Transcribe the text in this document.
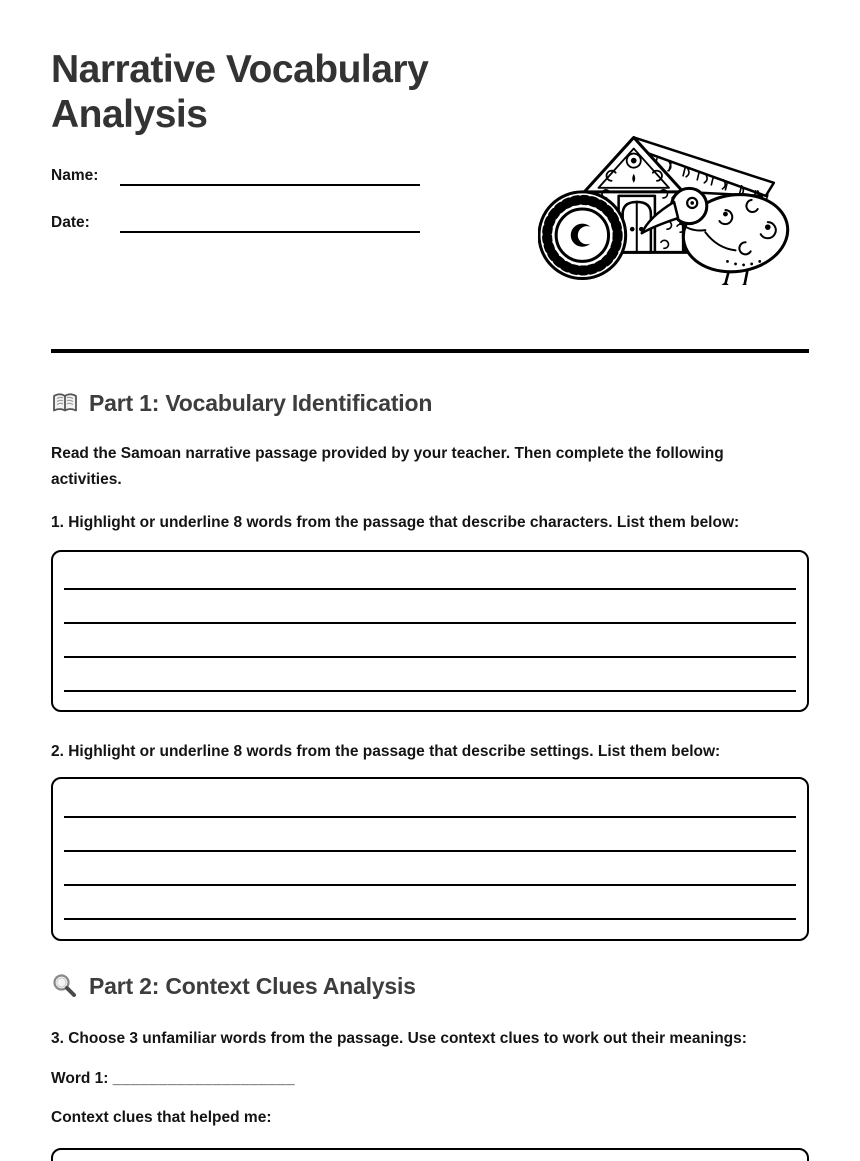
Narrative Vocabulary Analysis
Name:
Date:
Part 1: Vocabulary Identification

Read the Samoan narrative passage provided by your teacher. Then complete the following activities.

1. Highlight or underline 8 words from the passage that describe characters. List them below:

2. Highlight or underline 8 words from the passage that describe settings. List them below:

Part 2: Context Clues Analysis

3. Choose 3 unfamiliar words from the passage. Use context clues to work out their meanings:

Word 1: ____________________

Context clues that helped me:
